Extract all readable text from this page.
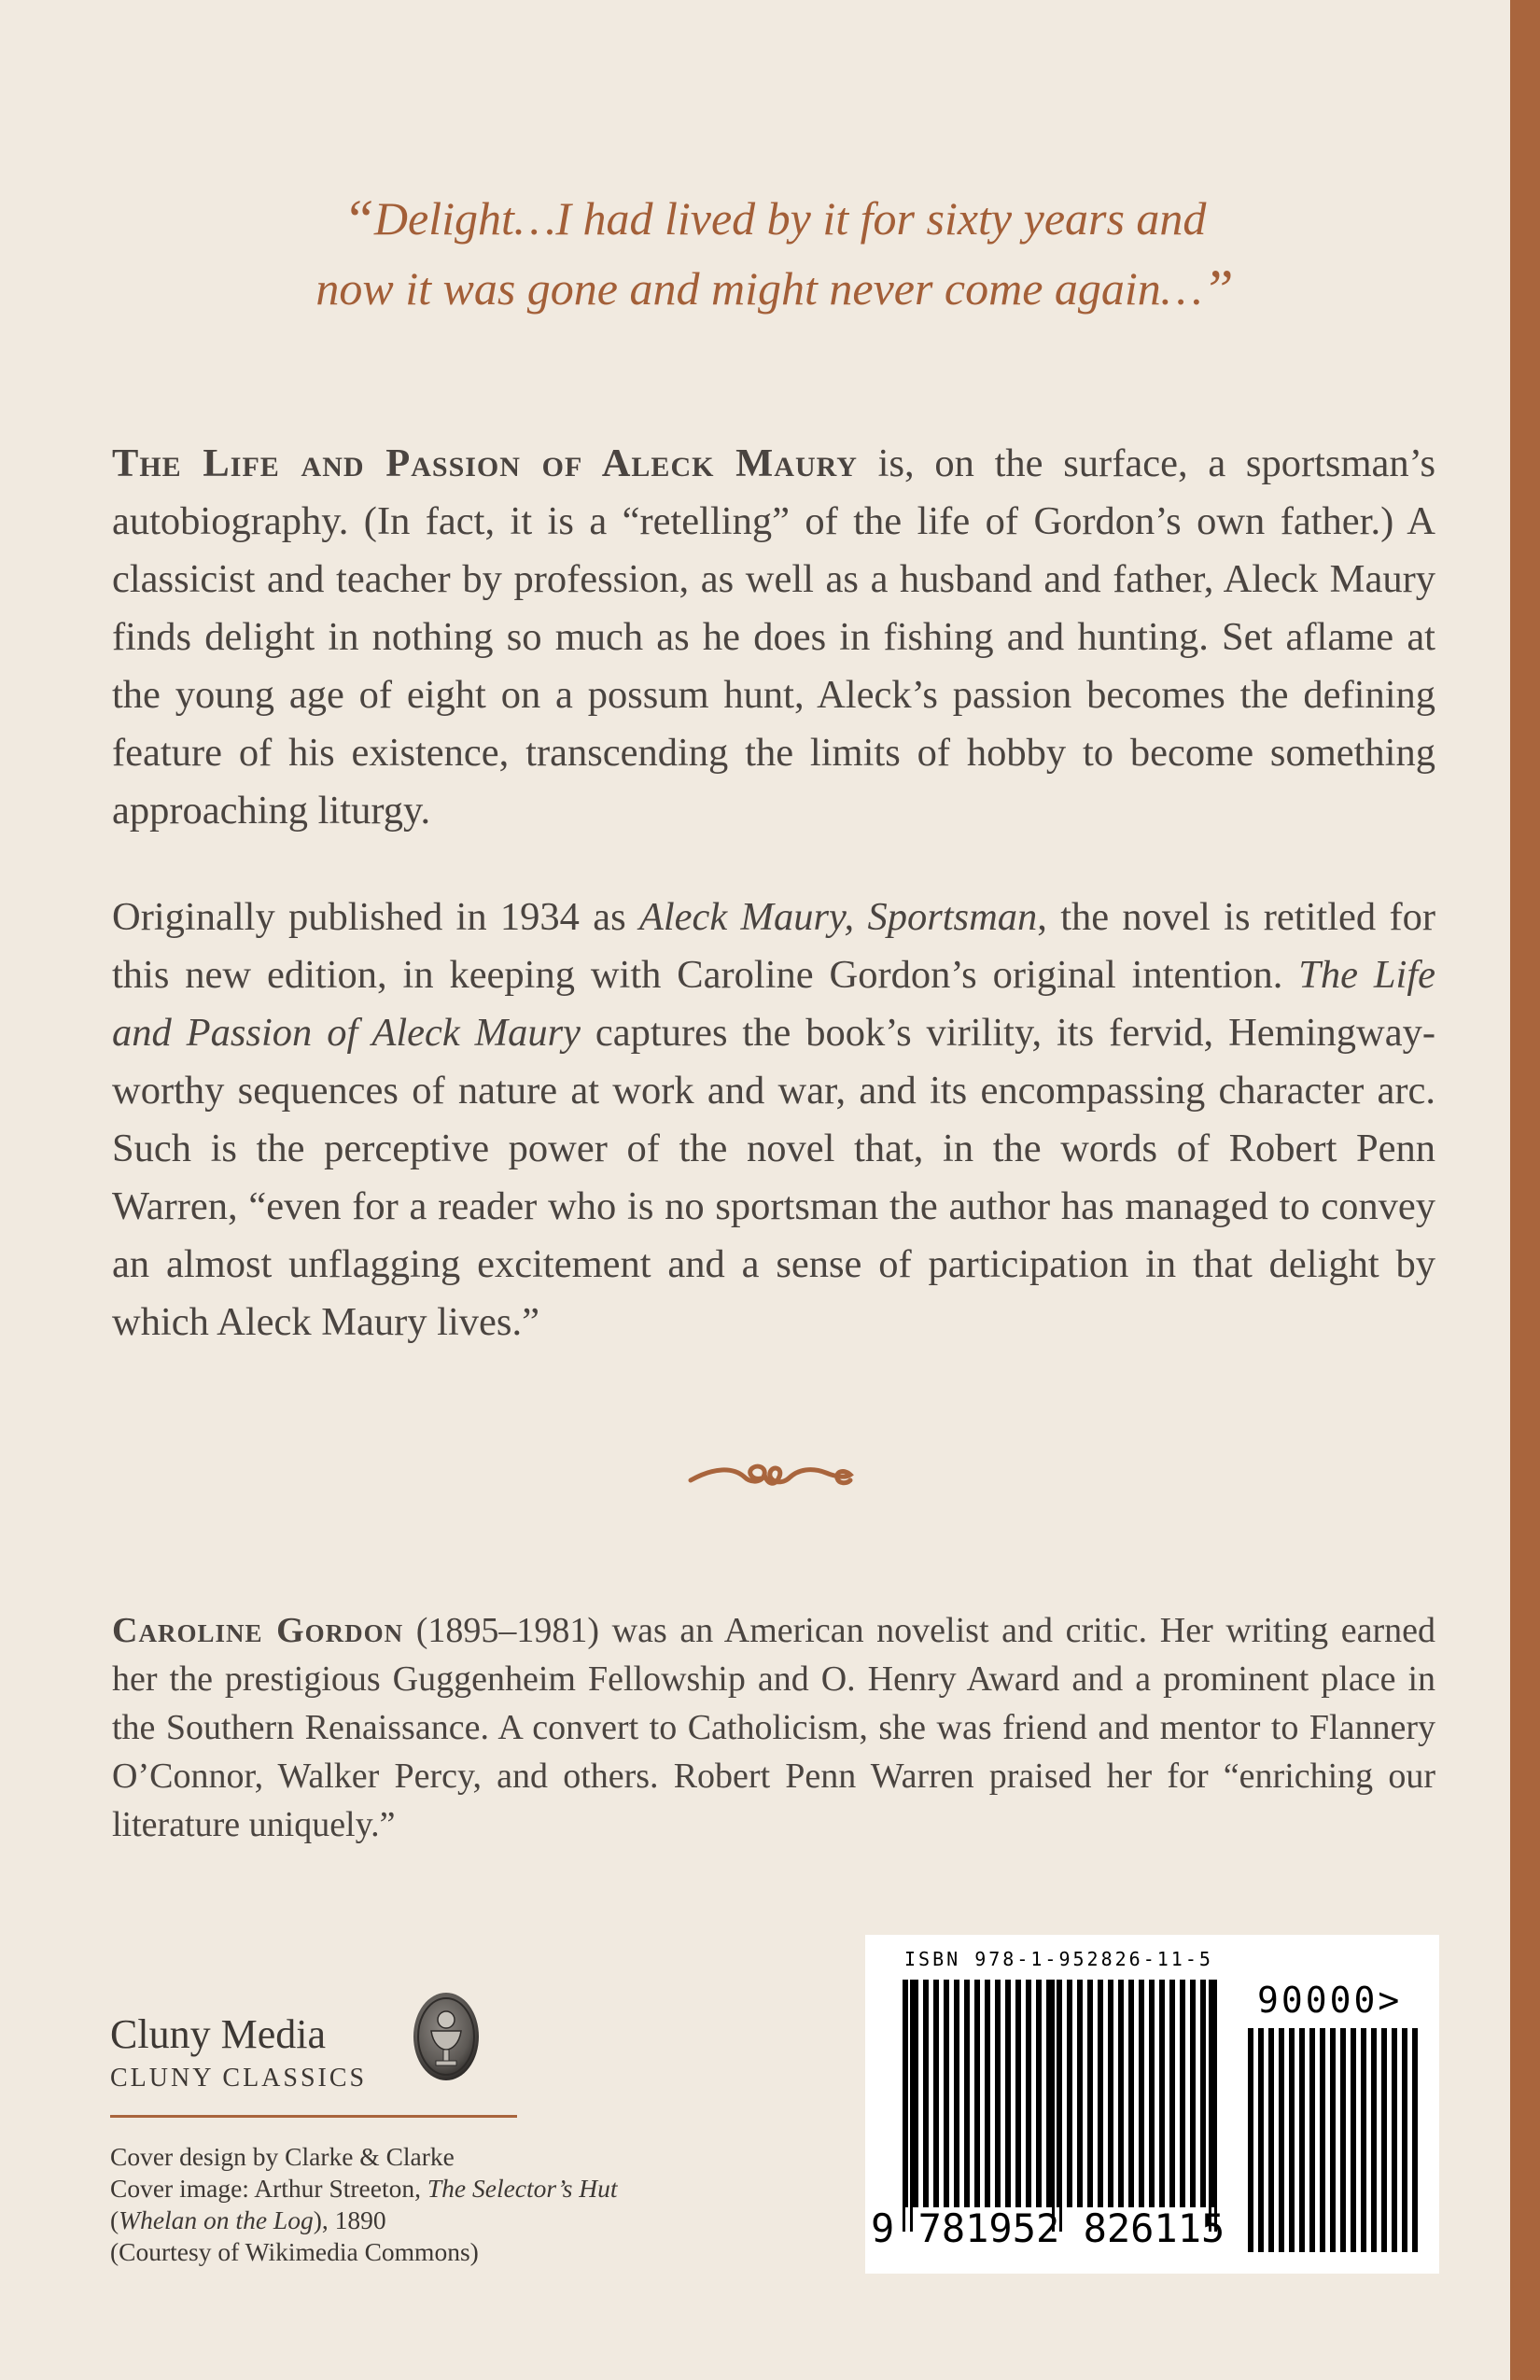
“Delight…I had lived by it for sixty years and
now it was gone and might never come again…”
The Life and Passion of Aleck Maury is, on the surface, a sportsman’s autobiography. (In fact, it is a “retelling” of the life of Gordon’s own father.) A classicist and teacher by profession, as well as a husband and father, Aleck Maury finds delight in nothing so much as he does in fishing and hunting. Set aflame at the young age of eight on a possum hunt, Aleck’s passion becomes the defining feature of his existence, transcending the limits of hobby to become something approaching liturgy.
Originally published in 1934 as Aleck Maury, Sportsman, the novel is retitled for this new edition, in keeping with Caroline Gordon’s original intention. The Life and Passion of Aleck Maury captures the book’s virility, its fervid, Hemingway-worthy sequences of nature at work and war, and its encompassing character arc. Such is the perceptive power of the novel that, in the words of Robert Penn Warren, “even for a reader who is no sportsman the author has managed to convey an almost unflagging excitement and a sense of participation in that delight by which Aleck Maury lives.”
Caroline Gordon (1895–1981) was an American novelist and critic. Her writing earned her the prestigious Guggenheim Fellowship and O. Henry Award and a prominent place in the Southern Renaissance. A convert to Catholicism, she was friend and mentor to Flannery O’Connor, Walker Percy, and others. Robert Penn Warren praised her for “enriching our literature uniquely.”
Cluny Media
CLUNY CLASSICS
Cover design by Clarke & Clarke
Cover image: Arthur Streeton, The Selector’s Hut
(Whelan on the Log), 1890
(Courtesy of Wikimedia Commons)
ISBN 978-1-952826-11-5
9 781952 826115
90000>
